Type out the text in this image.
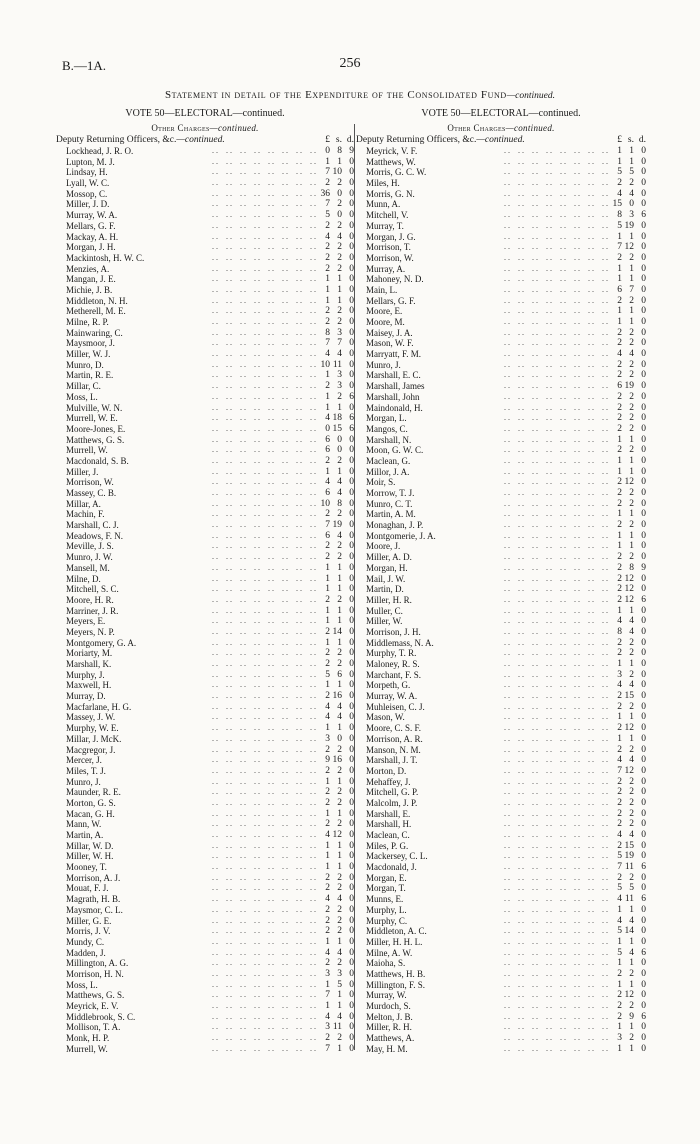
B.—1A.	256
Statement in detail of the Expenditure of the Consolidated Fund—continued.
VOTE 50—ELECTORAL—continued.
Other Charges—continued.
Deputy Returning Officers, &c.—continued.	£ s. d.
Lockhead, J. R. O. . .	0 8 9
Lupton, M. J. . .	1 1 0
Lindsay, H. . .	7 10 0
Lyall, W. C. . .	2 2 0
Mossop, C. . .	36 0 0
Miller, J. D. . .	7 2 0
Murray, W. A. . .	5 0 0
Mellars, G. F. . .	2 2 0
Mackay, A. H. . .	4 4 0
Morgan, J. H. . .	2 2 0
Mackintosh, H. W. C. . .	2 2 0
Menzies, A. . .	2 2 0
Mangan, J. E. . .	1 1 0
Michie, J. B. . .	1 1 0
Middleton, N. H. . .	1 1 0
Metherell, M. E. . .	2 2 0
Milne, R. P. . .	2 2 0
Mainwaring, C. . .	8 3 0
Maysmoor, J. . .	7 7 0
Miller, W. J. . .	4 4 0
Munro, D. . .	10 11 0
Martin, R. E. . .	1 3 0
Millar, C. . .	2 3 0
Moss, L. . .	1 2 6
Mulville, W. N. . .	1 1 0
Murrell, W. E. . .	4 18 6
Moore-Jones, E. . .	0 15 6
Matthews, G. S. . .	6 0 0
Murrell, W. . .	6 0 0
Macdonald, S. B. . .	2 2 0
Miller, J. . .	1 1 0
Morrison, W. . .	4 4 0
Massey, C. B. . .	6 4 0
Millar, A. . .	10 8 0
Machin, F. . .	2 2 0
Marshall, C. J. . .	7 19 0
Meadows, F. N. . .	6 4 0
Meville, J. S. . .	2 2 0
Munro, J. W. . .	2 2 0
Mansell, M. . .	1 1 0
Milne, D. . .	1 1 0
Mitchell, S. C. . .	1 1 0
Moore, H. R. . .	2 2 0
Marriner, J. R. . .	1 1 0
Meyers, E. . .	1 1 0
Meyers, N. P. . .	2 14 0
Montgomery, G. A. . .	1 1 0
Moriarty, M. . .	2 2 0
Marshall, K. . .	2 2 0
Murphy, J. . .	5 6 0
Maxwell, H. . .	1 1 0
Murray, D. . .	2 16 0
Macfarlane, H. G. . .	4 4 0
Massey, J. W. . .	4 4 0
Murphy, W. E. . .	1 1 0
Millar, J. McK. . .	3 0 0
Macgregor, J. . .	2 2 0
Mercer, J. . .	9 16 0
Miles, T. J. . .	2 2 0
Munro, J. . .	1 1 0
Maunder, R. E. . .	2 2 0
Morton, G. S. . .	2 2 0
Macan, G. H. . .	1 1 0
Mann, W. . .	2 2 0
Martin, A. . .	4 12 0
Millar, W. D. . .	1 1 0
Miller, W. H. . .	1 1 0
Mooney, T. . .	1 1 0
Morrison, A. J. . .	2 2 0
Mouat, F. J. . .	2 2 0
Magrath, H. B. . .	4 4 0
Maysmor, C. L. . .	2 2 0
Miller, G. E. . .	2 2 0
Morris, J. V. . .	2 2 0
Mundy, C. . .	1 1 0
Madden, J. . .	4 4 0
Millington, A. G. . .	2 2 0
Morrison, H. N. . .	3 3 0
Moss, L. . .	1 5 0
Matthews, G. S. . .	7 1 0
Meyrick, E. V. . .	1 1 0
Middlebrook, S. C. . .	4 4 0
Mollison, T. A. . .	3 11 0
Monk, H. P. . .	2 2 0
Murrell, W. . .	7 1 0
VOTE 50—ELECTORAL—continued.
Other Charges—continued.
Deputy Returning Officers, &c.—continued.	£ s. d.
Meyrick, V. F. . .	1 1 0
Matthews, W. . .	1 1 0
Morris, G. C. W. . .	5 5 0
Miles, H. . .	2 2 0
Morris, G. N. . .	4 4 0
Munn, A. . .	15 0 0
Mitchell, V. . .	8 3 6
Murray, T. . .	5 19 0
Morgan, J. G. . .	1 1 0
Morrison, T. . .	7 12 0
Morrison, W. . .	2 2 0
Murray, A. . .	1 1 0
Mahoney, N. D. . .	1 1 0
Main, L. . .	6 7 0
Mellars, G. F. . .	2 2 0
Moore, E. . .	1 1 0
Moore, M. . .	1 1 0
Maisey, J. A. . .	2 2 0
Mason, W. F. . .	2 2 0
Marryatt, F. M. . .	4 4 0
Munro, J. . .	2 2 0
Marshall, E. C. . .	2 2 0
Marshall, James . .	6 19 0
Marshall, John . .	2 2 0
Maindonald, H. . .	2 2 0
Morgan, L. . .	2 2 0
Mangos, C. . .	2 2 0
Marshall, N. . .	1 1 0
Moon, G. W. C. . .	2 2 0
Maclean, G. . .	1 1 0
Millor, J. A. . .	1 1 0
Moir, S. . .	2 12 0
Morrow, T. J. . .	2 2 0
Munro, C. T. . .	2 2 0
Martin, A. M. . .	1 1 0
Monaghan, J. P. . .	2 2 0
Montgomerie, J. A. . .	1 1 0
Moore, J. . .	1 1 0
Miller, A. D. . .	2 2 0
Morgan, H. . .	2 8 9
Mail, J. W. . .	2 12 0
Martin, D. . .	2 12 0
Miller, H. R. . .	2 12 6
Muller, C. . .	1 1 0
Miller, W. . .	4 4 0
Morrison, J. H. . .	8 4 0
Middlemass, N. A. . .	2 2 0
Murphy, T. R. . .	2 2 0
Maloney, R. S. . .	1 1 0
Marchant, F. S. . .	3 2 0
Morpeth, G. . .	4 4 0
Murray, W. A. . .	2 15 0
Muhleisen, C. J. . .	2 2 0
Mason, W. . .	1 1 0
Moore, C. S. F. . .	2 12 0
Morrison, A. R. . .	1 1 0
Manson, N. M. . .	2 2 0
Marshall, J. T. . .	4 4 0
Morton, D. . .	7 12 0
Mehaffey, J. . .	2 2 0
Mitchell, G. P. . .	2 2 0
Malcolm, J. P. . .	2 2 0
Marshall, E. . .	2 2 0
Marshall, H. . .	2 2 0
Maclean, C. . .	4 4 0
Miles, P. G. . .	2 15 0
Mackersey, C. L. . .	5 19 0
Macdonald, J. . .	7 11 6
Morgan, E. . .	2 2 0
Morgan, T. . .	5 5 0
Munns, E. . .	4 11 6
Murphy, L. . .	1 1 0
Murphy, C. . .	4 4 0
Middleton, A. C. . .	5 14 0
Miller, H. H. L. . .	1 1 0
Milne, A. W. . .	5 4 6
Maioha, S. . .	1 1 0
Matthews, H. B. . .	2 2 0
Millington, F. S. . .	1 1 0
Murray, W. . .	2 12 0
Murdoch, S. . .	2 2 0
Melton, J. B. . .	2 9 6
Miller, R. H. . .	1 1 0
Matthews, A. . .	3 2 0
May, H. M. . .	1 1 0
